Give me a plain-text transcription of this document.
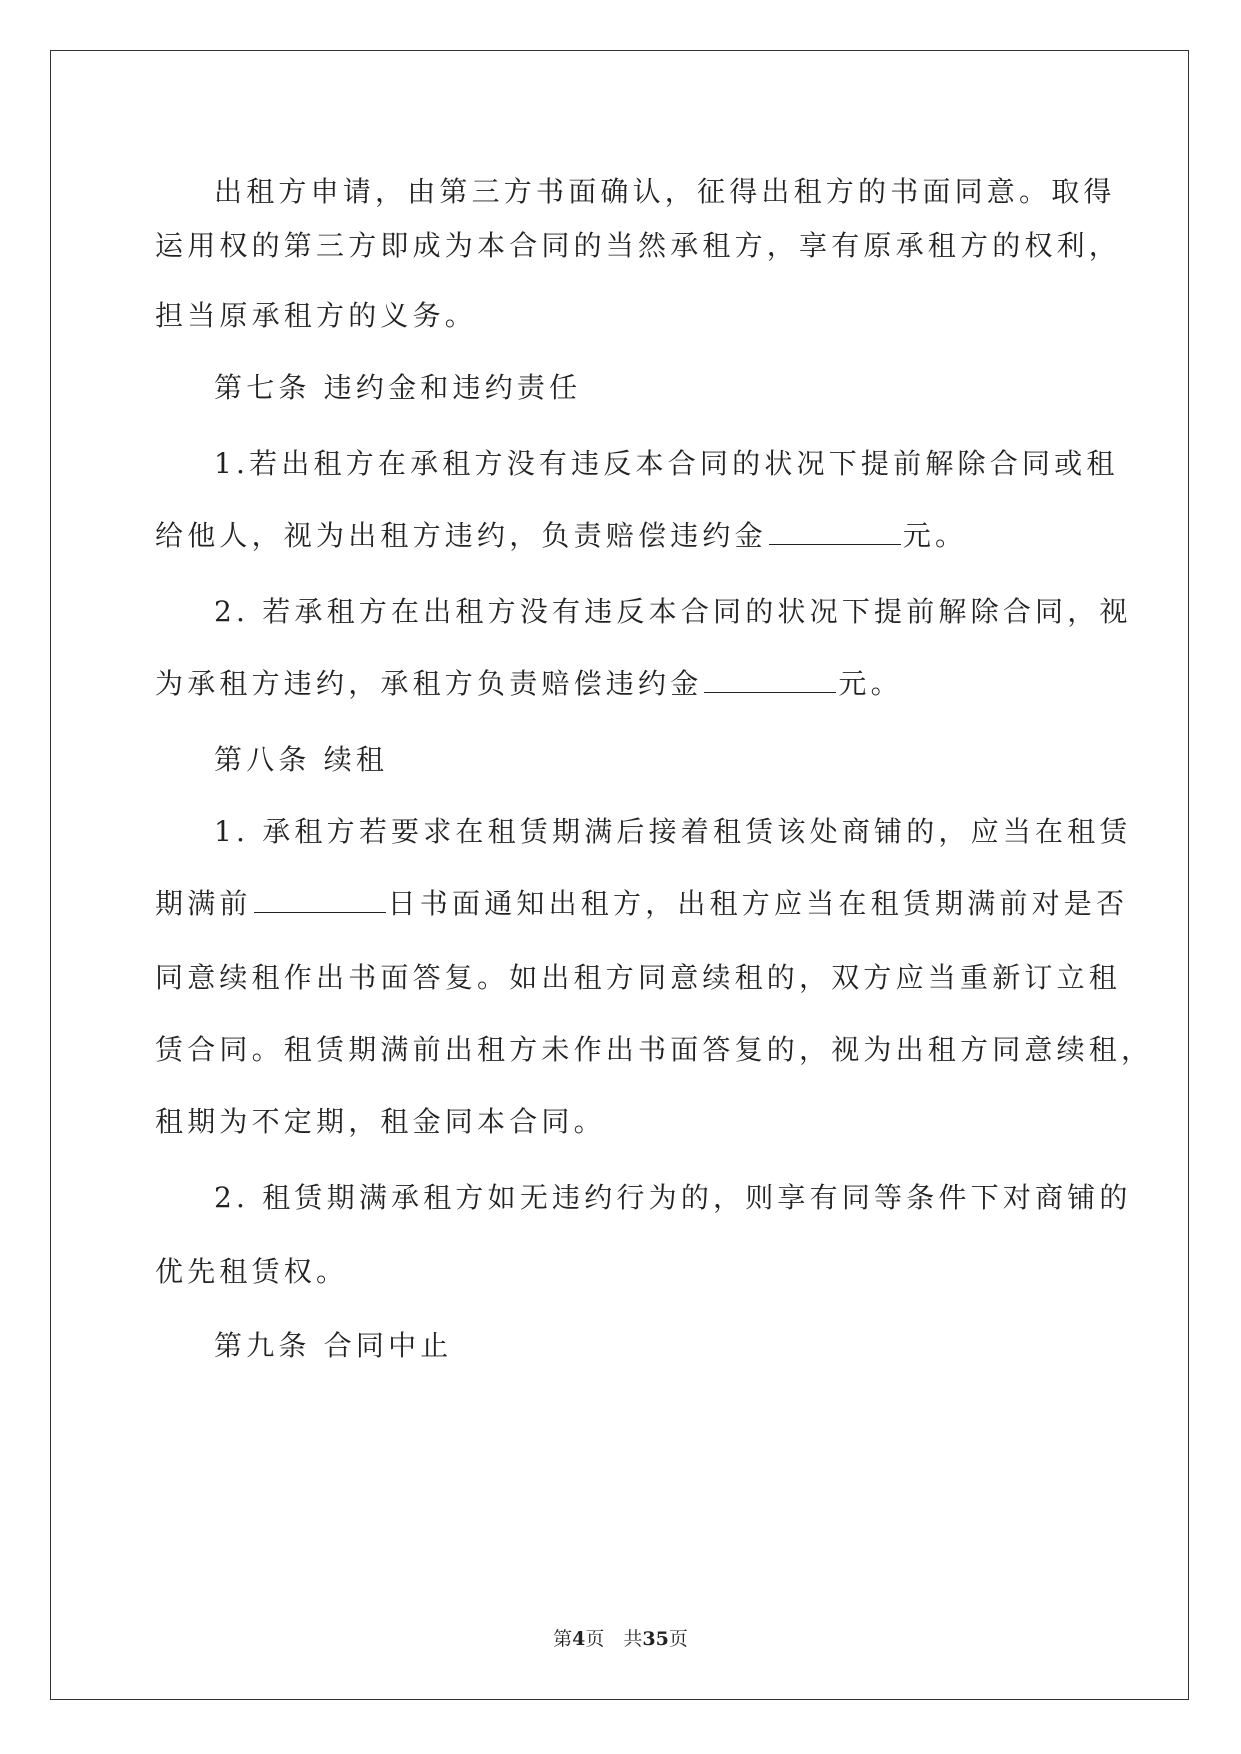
出租方申请，由第三方书面确认，征得出租方的书面同意。取得
运用权的第三方即成为本合同的当然承租方，享有原承租方的权利，
担当原承租方的义务。
第七条 违约金和违约责任
1.若出租方在承租方没有违反本合同的状况下提前解除合同或租
给他人，视为出租方违约，负责赔偿违约金	元。
2. 若承租方在出租方没有违反本合同的状况下提前解除合同，视
为承租方违约，承租方负责赔偿违约金	元。
第八条 续租
1. 承租方若要求在租赁期满后接着租赁该处商铺的，应当在租赁
期满前	日书面通知出租方，出租方应当在租赁期满前对是否
同意续租作出书面答复。如出租方同意续租的，双方应当重新订立租
赁合同。租赁期满前出租方未作出书面答复的，视为出租方同意续租，
租期为不定期，租金同本合同。
2. 租赁期满承租方如无违约行为的，则享有同等条件下对商铺的
优先租赁权。
第九条 合同中止
第4页　共35页
